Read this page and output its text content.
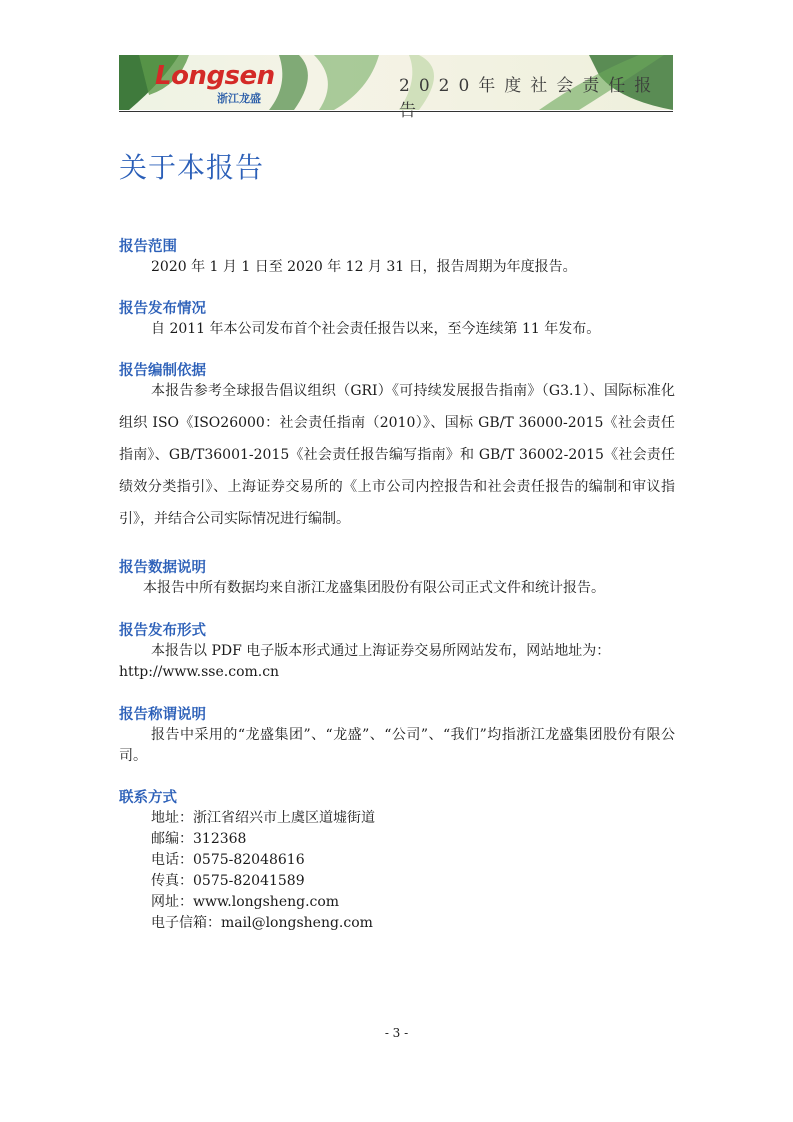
Longsen
浙江龙盛
2020年度社会责任报告
关于本报告

报告范围

2020 年 1 月 1 日至 2020 年 12 月 31 日，报告周期为年度报告。

报告发布情况

自 2011 年本公司发布首个社会责任报告以来，至今连续第 11 年发布。

报告编制依据

本报告参考全球报告倡议组织（GRI）《可持续发展报告指南》（G3.1）、国际标准化组织 ISO《ISO26000：社会责任指南（2010）》、国标 GB/T 36000-2015《社会责任指南》、GB/T36001-2015《社会责任报告编写指南》和 GB/T 36002-2015《社会责任绩效分类指引》、上海证券交易所的《上市公司内控报告和社会责任报告的编制和审议指引》，并结合公司实际情况进行编制。

报告数据说明

本报告中所有数据均来自浙江龙盛集团股份有限公司正式文件和统计报告。

报告发布形式

本报告以 PDF 电子版本形式通过上海证券交易所网站发布，网站地址为：

http://www.sse.com.cn

报告称谓说明

报告中采用的“龙盛集团”、“龙盛”、“公司”、“我们”均指浙江龙盛集团股份有限公司。

联系方式

地址：浙江省绍兴市上虞区道墟街道

邮编：312368

电话：0575-82048616

传真：0575-82041589

网址：www.longsheng.com

电子信箱：mail@longsheng.com

- 3 -
